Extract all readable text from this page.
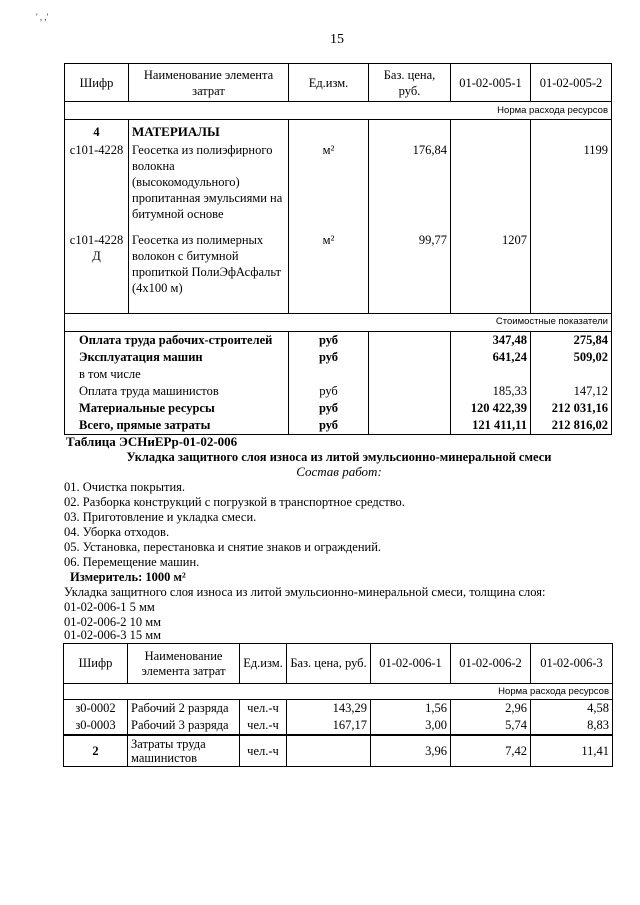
' , ,'
15
Шифр	Наименование элемента затрат	Ед.изм.	Баз. цена, руб.	01-02-005-1	01-02-005-2
Норма расхода ресурсов					
4	МАТЕРИАЛЫ				
с101-4228	Геосетка из полиэфирного волокна (высокомодульного) пропитанная эмульсиями на битумной основе	м²	176,84		1199
с101-4228Д	Геосетка из полимерных волокон с битумной пропиткой ПолиЭфАсфальт (4х100 м)	м²	99,77	1207	

Стоимостные показатели					
Оплата труда рабочих-строителей		руб		347,48	275,84
Эксплуатация машин		руб		641,24	509,02
в том числе					
Оплата труда машинистов		руб		185,33	147,12
Материальные ресурсы		руб		120 422,39	212 031,16
Всего, прямые затраты		руб		121 411,11	212 816,02
Таблица ЭСНиЕРр-01-02-006
Укладка защитного слоя износа из литой эмульсионно-минеральной смеси
Состав работ:
01. Очистка покрытия.
02. Разборка конструкций с погрузкой в транспортное средство.
03. Приготовление и укладка смеси.
04. Уборка отходов.
05. Установка, перестановка и снятие знаков и ограждений.
06. Перемещение машин.
Измеритель: 1000 м²
Укладка защитного слоя износа из литой эмульсионно-минеральной смеси, толщина слоя:
01-02-006-1 5 мм
01-02-006-2 10 мм
01-02-006-3 15 мм
Шифр	Наименование элемента затрат	Ед.изм.	Баз. цена, руб.	01-02-006-1	01-02-006-2	01-02-006-3
Норма расхода ресурсов						
з0-0002	Рабочий 2 разряда	чел.-ч	143,29	1,56	2,96	4,58
з0-0003	Рабочий 3 разряда	чел.-ч	167,17	3,00	5,74	8,83
2	Затраты труда машинистов	чел.-ч		3,96	7,42	11,41
